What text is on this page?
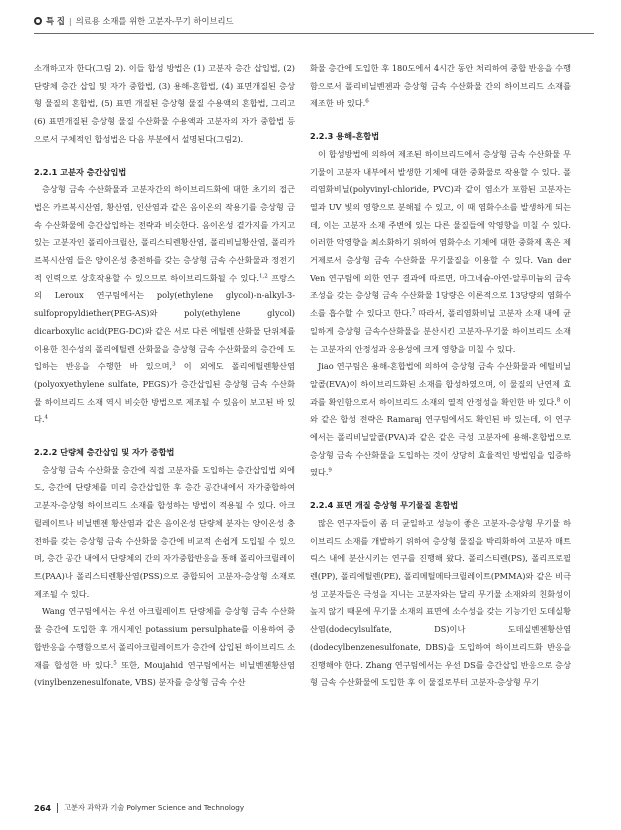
특 집 | 의료용 소재를 위한 고분자-무기 하이브리드

소개하고자 한다(그림 2). 이들 합성 방법은 (1) 고분자 층간 삽입법, (2) 단량체 층간 삽입 및 자가 중합법, (3) 용해-혼합법, (4) 표면개질된 층상형 물질의 혼합법, (5) 표면 개질된 층상형 물질 수용액의 혼합법, 그리고 (6) 표면개질된 층상형 물질 수산화물 수용액과 고분자의 자가 중합법 등으로서 구체적인 합성법은 다음 부분에서 설명된다(그림2).

2.2.1 고분자 층간삽입법

층상형 금속 수산화물과 고분자간의 하이브리드화에 대한 초기의 접근법은 카르복시산염, 황산염, 인산염과 같은 음이온의 작용기를 층상형 금속 수산화물에 층간삽입하는 전략과 비슷한다. 음이온성 곁가지를 가지고 있는 고분자인 폴리아크릴산, 폴리스티렌황산염, 폴리비닐황산염, 폴리카르복시산염 들은 양이온성 충전하를 갖는 층상형 금속 수산화물과 정전기적 인력으로 상호작용할 수 있으므로 하이브리드화될 수 있다.$^{1,2}$ 프랑스의 Leroux 연구팀에서는 poly(ethylene glycol)-n-alkyl-3-sulfopropyldiether(PEG-AS)와 poly(ethylene glycol) dicarboxylic acid(PEG-DC)와 같은 서로 다른 에틸렌 산화물 단위체를 이용한 친수성의 폴리에틸렌 산화물을 층상형 금속 수산화물의 층간에 도입하는 반응을 수행한 바 있으며,$^3$ 이 외에도 폴리에틸렌황산염(polyoxyethylene sulfate, PEGS)가 층간삽입된 층상형 금속 수산화물 하이브리드 소재 역시 비슷한 방법으로 제조될 수 있음이 보고된 바 있다.$^4$

2.2.2 단량체 층간삽입 및 자가 중합법

층상형 금속 수산화물 층간에 직접 고분자를 도입하는 층간삽입법 외에도, 층간에 단량체를 미리 층간삽입한 후 층간 공간내에서 자가중합하여 고분자-층상형 하이브리드 소재를 합성하는 방법이 적용될 수 있다. 아크릴레이트나 비닐벤젠 황산염과 같은 음이온성 단량체 분자는 양이온성 충전하를 갖는 층상형 금속 수산화물 층간에 비교적 손쉽게 도입될 수 있으며, 층간 공간 내에서 단량체의 간의 자가중합반응을 통해 폴리아크릴레이트(PAA)나 폴리스티렌황산염(PSS)으로 중합되어 고분자-층상형 소재로 제조될 수 있다.

Wang 연구팀에서는 우선 아크릴레이트 단량체를 층상형 금속 수산화물 층간에 도입한 후 개시제인 potassium persulphate를 이용하여 중합반응을 수행함으로서 폴리아크릴레이트가 층간에 삽입된 하이브리드 소재를 합성한 바 있다.$^5$ 또한, Moujahid 연구팀에서는 비닐벤젠황산염(vinylbenzenesulfonate, VBS) 분자를 층상형 금속 수산

화물 층간에 도입한 후 180도에서 4시간 동안 처리하여 중합 반응을 수행함으로서 폴리비닐벤젠과 층상형 금속 수산화물 간의 하이브리드 소재를 제조한 바 있다.$^6$

2.2.3 용해-혼합법

이 합성방법에 의하여 제조된 하이브리드에서 층상형 금속 수산화물 무기물이 고분자 내부에서 발생한 기체에 대한 중화물로 작용할 수 있다. 폴리염화비닐(polyvinyl-chloride, PVC)과 같이 염소가 포함된 고분자는 열과 UV 빛의 영향으로 분해될 수 있고, 이 때 염화수소를 발생하게 되는데, 이는 고분자 소재 주변에 있는 다른 물질들에 악영향을 미칠 수 있다. 이러한 악영향을 최소화하기 위하여 염화수소 기체에 대한 중화제 혹은 제거제로서 층상형 금속 수산화물 무기물질을 이용할 수 있다. Van der Ven 연구팀에 의한 연구 결과에 따르면, 마그네슘-아연-알루미늄의 금속 조성을 갖는 층상형 금속 수산화물 1당량은 이론적으로 13당량의 염화수소를 흡수할 수 있다고 한다.$^7$ 따라서, 폴리염화비닐 고분자 소재 내에 균일하게 층상형 금속수산화물을 분산시킨 고분자-무기물 하이브리드 소재는 고분자의 안정성과 응용성에 크게 영향을 미칠 수 있다.

Jiao 연구팀은 용해-혼합법에 의하여 층상형 금속 수산화물과 에틸비닐알콜(EVA)이 하이브리드화된 소재를 합성하였으며, 이 물질의 난연제 효과를 확인함으로서 하이브리드 소재의 열적 안정성을 확인한 바 있다.$^8$ 이와 같은 합성 전략은 Ramaraj 연구팀에서도 확인된 바 있는데, 이 연구에서는 폴리비닐알콜(PVA)과 같은 같은 극성 고분자에 용해-혼합법으로 층상형 금속 수산화물을 도입하는 것이 상당히 효율적인 방법임을 입증하였다.$^9$

2.2.4 표면 개질 층상형 무기물질 혼합법

많은 연구자들이 좀 더 균일하고 성능이 좋은 고분자-층상형 무기물 하이브리드 소재를 개발하기 위하여 층상형 물질을 박리화하여 고분자 매트릭스 내에 분산시키는 연구를 진행해 왔다. 폴리스티렌(PS), 폴리프로필렌(PP), 폴리에틸렌(PE), 폴리메틸메타크릴레이트(PMMA)와 같은 비극성 고분자들은 극성을 지니는 고분자와는 달리 무기물 소재와의 친화성이 높지 않기 때문에 무기물 소재의 표면에 소수성을 갖는 기능기인 도데실황산염(dodecylsulfate, DS)이나 도데실벤젠황산염(dodecylbenzenesulfonate, DBS)을 도입하여 하이브리드화 반응을 진행해야 한다. Zhang 연구팀에서는 우선 DS를 층간삽입 반응으로 층상형 금속 수산화물에 도입한 후 이 물질로부터 고분자-층상형 무기

264 고분자 과학과 기술 Polymer Science and Technology
